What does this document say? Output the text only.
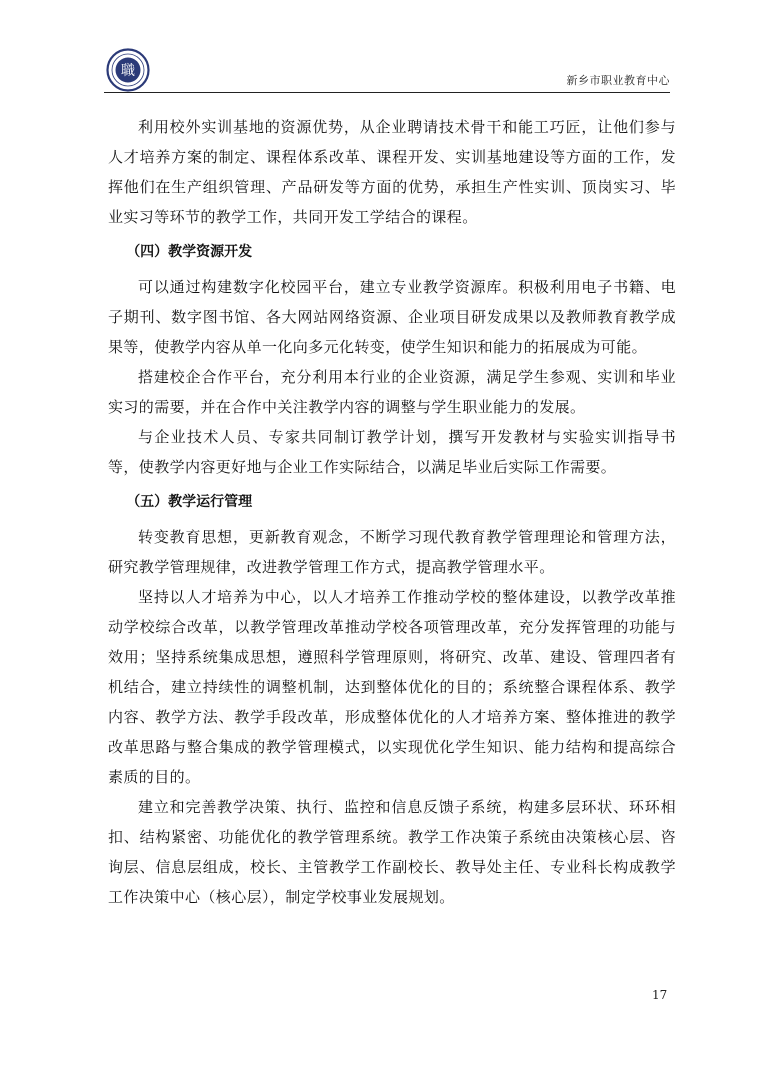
職
新乡市职业教育中心

利用校外实训基地的资源优势，从企业聘请技术骨干和能工巧匠，让他们参与人才培养方案的制定、课程体系改革、课程开发、实训基地建设等方面的工作，发挥他们在生产组织管理、产品研发等方面的优势，承担生产性实训、顶岗实习、毕业实习等环节的教学工作，共同开发工学结合的课程。

（四）教学资源开发

可以通过构建数字化校园平台，建立专业教学资源库。积极利用电子书籍、电子期刊、数字图书馆、各大网站网络资源、企业项目研发成果以及教师教育教学成果等，使教学内容从单一化向多元化转变，使学生知识和能力的拓展成为可能。

搭建校企合作平台，充分利用本行业的企业资源，满足学生参观、实训和毕业实习的需要，并在合作中关注教学内容的调整与学生职业能力的发展。

与企业技术人员、专家共同制订教学计划，撰写开发教材与实验实训指导书等，使教学内容更好地与企业工作实际结合，以满足毕业后实际工作需要。

（五）教学运行管理

转变教育思想，更新教育观念，不断学习现代教育教学管理理论和管理方法，研究教学管理规律，改进教学管理工作方式，提高教学管理水平。

坚持以人才培养为中心，以人才培养工作推动学校的整体建设，以教学改革推动学校综合改革，以教学管理改革推动学校各项管理改革，充分发挥管理的功能与效用；坚持系统集成思想，遵照科学管理原则，将研究、改革、建设、管理四者有机结合，建立持续性的调整机制，达到整体优化的目的；系统整合课程体系、教学内容、教学方法、教学手段改革，形成整体优化的人才培养方案、整体推进的教学改革思路与整合集成的教学管理模式，以实现优化学生知识、能力结构和提高综合素质的目的。

建立和完善教学决策、执行、监控和信息反馈子系统，构建多层环状、环环相扣、结构紧密、功能优化的教学管理系统。教学工作决策子系统由决策核心层、咨询层、信息层组成，校长、主管教学工作副校长、教导处主任、专业科长构成教学工作决策中心（核心层），制定学校事业发展规划。

17
